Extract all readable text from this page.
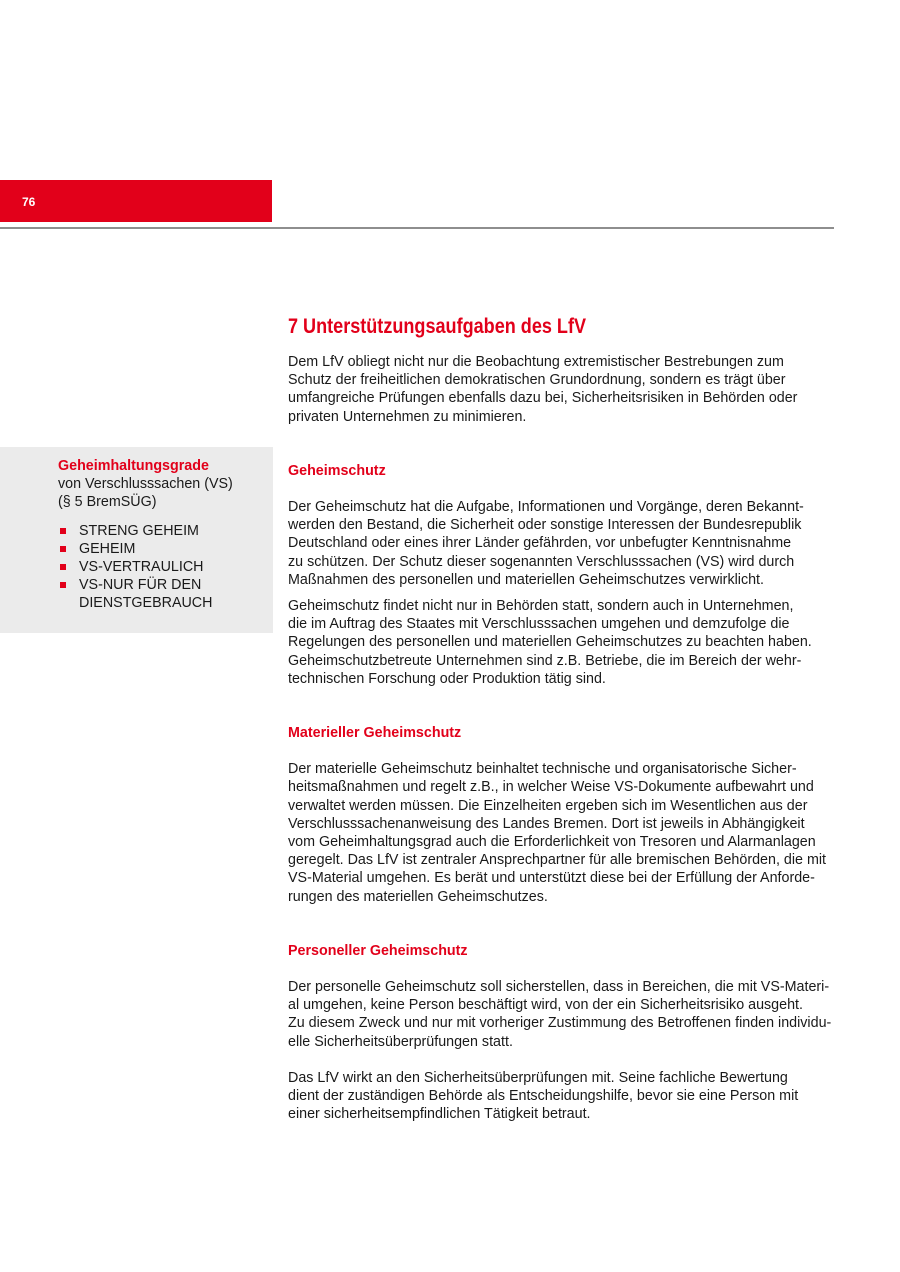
76
Geheimhaltungsgrade
von Verschlusssachen (VS)
(§ 5 BremSÜG)
STRENG GEHEIM
GEHEIM
VS-VERTRAULICH
VS-NUR FÜR DEN
DIENSTGEBRAUCH
7 Unterstützungsaufgaben des LfV
Dem LfV obliegt nicht nur die Beobachtung extremistischer Bestrebungen zum
Schutz der freiheitlichen demokratischen Grundordnung, sondern es trägt über
umfangreiche Prüfungen ebenfalls dazu bei, Sicherheitsrisiken in Behörden oder
privaten Unternehmen zu minimieren.
Geheimschutz
Der Geheimschutz hat die Aufgabe, Informationen und Vorgänge, deren Bekannt-
werden den Bestand, die Sicherheit oder sonstige Interessen der Bundesrepublik
Deutschland oder eines ihrer Länder gefährden, vor unbefugter Kenntnisnahme
zu schützen. Der Schutz dieser sogenannten Verschlusssachen (VS) wird durch
Maßnahmen des personellen und materiellen Geheimschutzes verwirklicht.
Geheimschutz findet nicht nur in Behörden statt, sondern auch in Unternehmen,
die im Auftrag des Staates mit Verschlusssachen umgehen und demzufolge die
Regelungen des personellen und materiellen Geheimschutzes zu beachten haben.
Geheimschutzbetreute Unternehmen sind z.B. Betriebe, die im Bereich der wehr-
technischen Forschung oder Produktion tätig sind.
Materieller Geheimschutz
Der materielle Geheimschutz beinhaltet technische und organisatorische Sicher-
heitsmaßnahmen und regelt z.B., in welcher Weise VS-Dokumente aufbewahrt und
verwaltet werden müssen. Die Einzelheiten ergeben sich im Wesentlichen aus der
Verschlusssachenanweisung des Landes Bremen. Dort ist jeweils in Abhängigkeit
vom Geheimhaltungsgrad auch die Erforderlichkeit von Tresoren und Alarmanlagen
geregelt. Das LfV ist zentraler Ansprechpartner für alle bremischen Behörden, die mit
VS-Material umgehen. Es berät und unterstützt diese bei der Erfüllung der Anforde-
rungen des materiellen Geheimschutzes.
Personeller Geheimschutz
Der personelle Geheimschutz soll sicherstellen, dass in Bereichen, die mit VS-Materi-
al umgehen, keine Person beschäftigt wird, von der ein Sicherheitsrisiko ausgeht.
Zu diesem Zweck und nur mit vorheriger Zustimmung des Betroffenen finden individu-
elle Sicherheitsüberprüfungen statt.
Das LfV wirkt an den Sicherheitsüberprüfungen mit. Seine fachliche Bewertung
dient der zuständigen Behörde als Entscheidungshilfe, bevor sie eine Person mit
einer sicherheitsempfindlichen Tätigkeit betraut.
